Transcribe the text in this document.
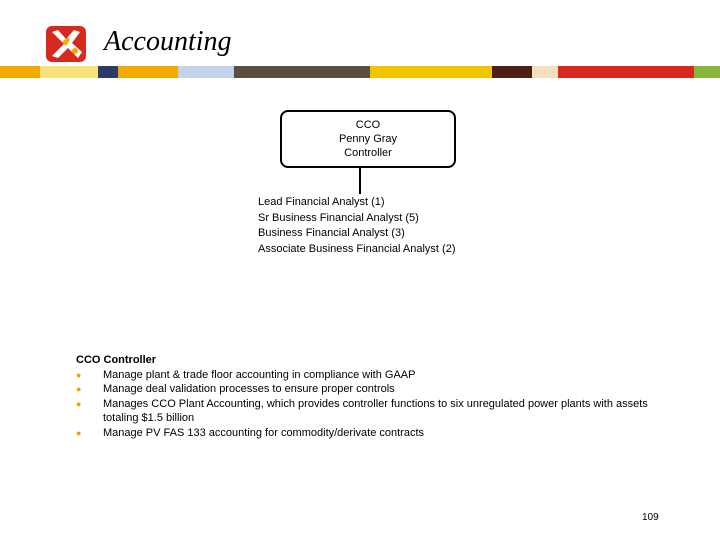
Accounting
CCO
Penny Gray
Controller
Lead Financial Analyst (1)
Sr Business Financial Analyst (5)
Business Financial Analyst (3)
Associate Business Financial Analyst (2)
CCO Controller
●	Manage plant & trade floor accounting in compliance with GAAP
●	Manage deal validation processes to ensure proper controls
●	Manages CCO Plant Accounting, which provides controller functions to six unregulated power plants with assets totaling $1.5 billion
●	Manage PV FAS 133 accounting for commodity/derivate contracts
109
